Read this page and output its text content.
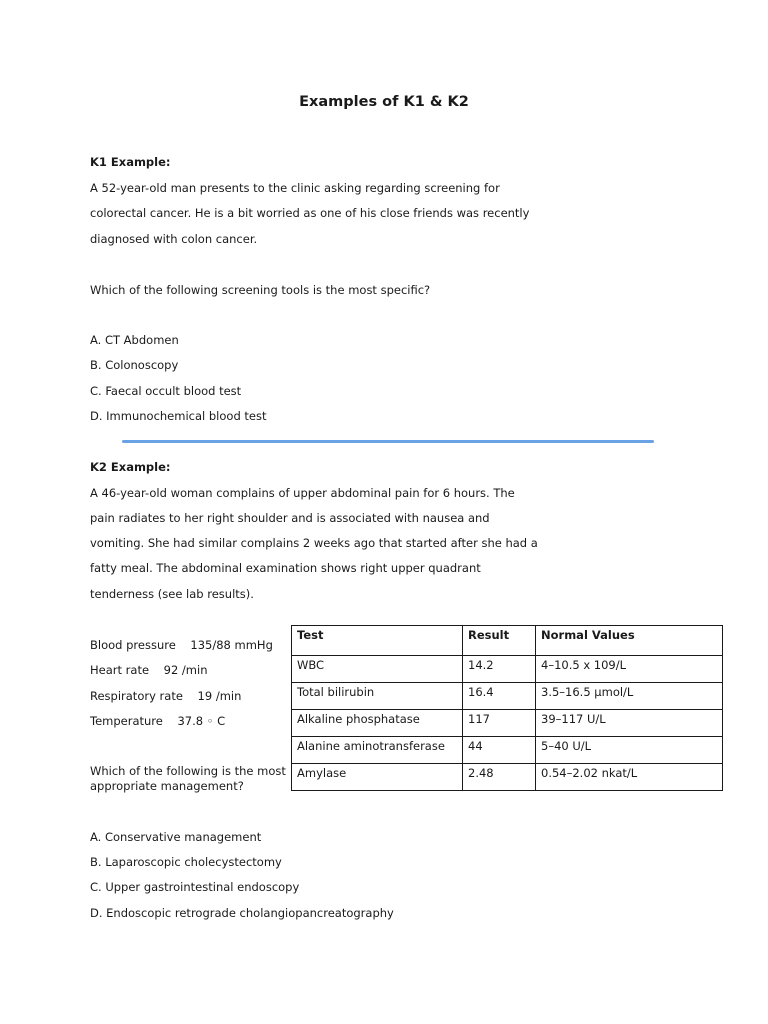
Examples of K1 & K2
K1 Example:
A 52-year-old man presents to the clinic asking regarding screening for
colorectal cancer. He is a bit worried as one of his close friends was recently
diagnosed with colon cancer.
Which of the following screening tools is the most specific?
A. CT Abdomen
B. Colonoscopy
C. Faecal occult blood test
D. Immunochemical blood test
K2 Example:
A 46-year-old woman complains of upper abdominal pain for 6 hours. The
pain radiates to her right shoulder and is associated with nausea and
vomiting. She had similar complains 2 weeks ago that started after she had a
fatty meal. The abdominal examination shows right upper quadrant
tenderness (see lab results).
Blood pressure    135/88 mmHg
Heart rate    92 /min
Respiratory rate    19 /min
Temperature    37.8 ◦ C
Which of the following is the most appropriate management?
A. Conservative management
B. Laparoscopic cholecystectomy
C. Upper gastrointestinal endoscopy
D. Endoscopic retrograde cholangiopancreatography
Test	Result	Normal Values
WBC	14.2	4–10.5 x 109/L
Total bilirubin	16.4	3.5–16.5 µmol/L
Alkaline phosphatase	117	39–117 U/L
Alanine aminotransferase	44	5–40 U/L
Amylase	2.48	0.54–2.02 nkat/L
